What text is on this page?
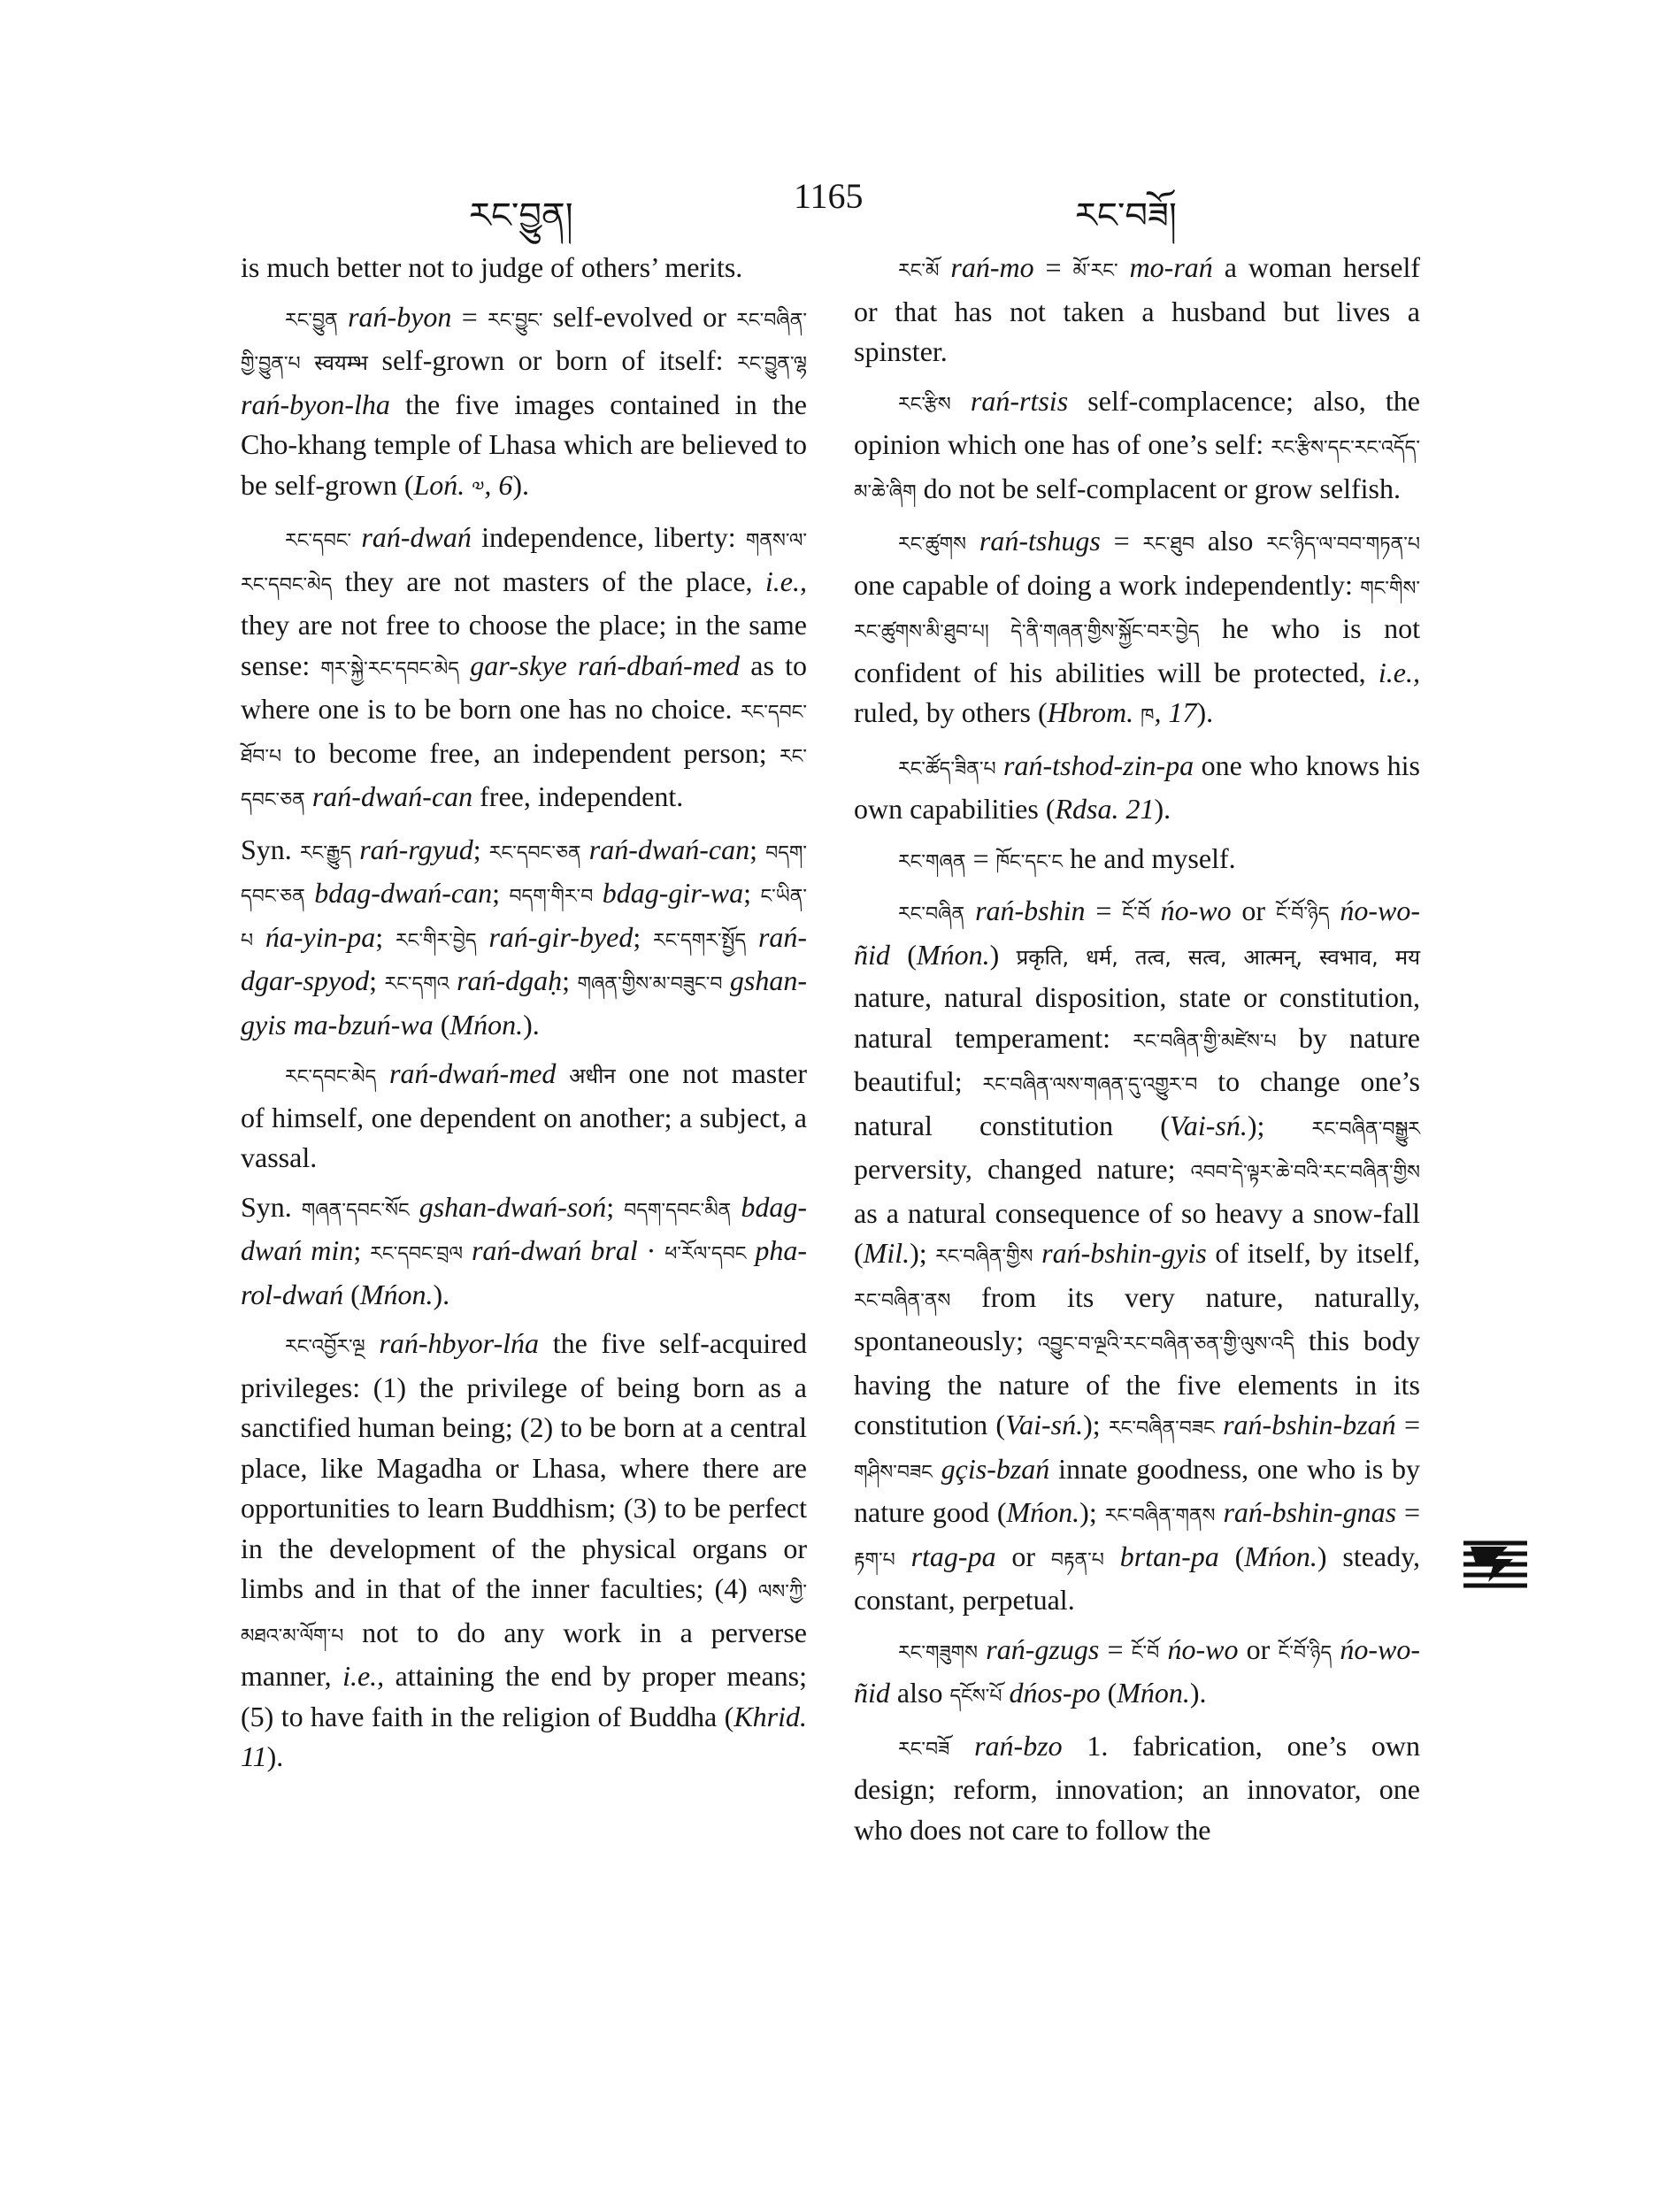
རང་བྱུན།	1165	རང་བཟོ།

is much better not to judge of others’ merits.

རང་བྱུན rań-byon = རང་བྱུང་ self-evolved or རང་བཞིན་གྱི་བྱུན་པ स्वयम्भ self-grown or born of itself: རང་བྱུན་ལྷ rań-byon-lha the five images contained in the Cho-khang temple of Lhasa which are believed to be self-grown (Loń. ༧, 6).

རང་དབང་ rań-dwań independence, liberty: གནས་ལ་རང་དབང་མེད they are not masters of the place, i.e., they are not free to choose the place; in the same sense: གར་སྐྱེ་རང་དབང་མེད gar-skye rań-dbań-med as to where one is to be born one has no choice. རང་དབང་ཐོབ་པ to become free, an independent person; རང་དབང་ཅན rań-dwań-can free, independent.

Syn. རང་རྒྱུད rań-rgyud; རང་དབང་ཅན rań-dwań-can; བདག་དབང་ཅན bdag-dwań-can; བདག་གིར་བ bdag-gir-wa; ང་ཡིན་པ ńa-yin-pa; རང་གིར་བྱེད rań-gir-byed; རང་དགར་སྤྱོད rań-dgar-spyod; རང་དགའ rań-dgaḥ; གཞན་གྱིས་མ་བཟུང་བ gshan-gyis ma-bzuń-wa (Mńon.).

རང་དབང་མེད rań-dwań-med अधीन one not master of himself, one dependent on another; a subject, a vassal.

Syn. གཞན་དབང་སོང gshan-dwań-soń; བདག་དབང་མིན bdag-dwań min; རང་དབང་བྲལ rań-dwań bral · ཕ་རོལ་དབང pha-rol-dwań (Mńon.).

རང་འབྱོར་ལྔ rań-hbyor-lńa the five self-acquired privileges: (1) the privilege of being born as a sanctified human being; (2) to be born at a central place, like Magadha or Lhasa, where there are opportunities to learn Buddhism; (3) to be perfect in the development of the physical organs or limbs and in that of the inner faculties; (4) ལས་ཀྱི་མཐའ་མ་ལོག་པ not to do any work in a perverse manner, i.e., attaining the end by proper means; (5) to have faith in the religion of Buddha (Khrid. 11).

རང་མོ rań-mo = མོ་རང་ mo-rań a woman herself or that has not taken a husband but lives a spinster.

རང་རྩིས rań-rtsis self-complacence; also, the opinion which one has of one’s self: རང་རྩིས་དང་རང་འདོད་མ་ཆེ་ཞིག do not be self-complacent or grow selfish.

རང་ཚུགས rań-tshugs = རང་ཐུབ also རང་ཉིད་ལ་བབ་གཏན་པ one capable of doing a work independently: གང་གིས་རང་ཚུགས་མི་ཐུབ་པ། དེ་ནི་གཞན་གྱིས་སྐྱོང་བར་བྱེད he who is not confident of his abilities will be protected, i.e., ruled, by others (Hbrom. ཁ, 17).

རང་ཚོད་ཟིན་པ rań-tshod-zin-pa one who knows his own capabilities (Rdsa. 21).

རང་གཞན = ཁོང་དང་ང he and myself.

རང་བཞིན rań-bshin = ངོ་བོ ńo-wo or ངོ་བོ་ཉིད ńo-wo-ñid (Mńon.) प्रकृति, धर्म, तत्व, सत्व, आत्मन्, स्वभाव, मय nature, natural disposition, state or constitution, natural temperament: རང་བཞིན་གྱི་མཛེས་པ by nature beautiful; རང་བཞིན་ལས་གཞན་དུ་འགྱུར་བ to change one’s natural constitution (Vai-sń.); རང་བཞིན་བསྒྱུར perversity, changed nature; འབབ་དེ་ལྟར་ཆེ་བའི་རང་བཞིན་གྱིས as a natural consequence of so heavy a snow-fall (Mil.); རང་བཞིན་གྱིས rań-bshin-gyis of itself, by itself, རང་བཞིན་ནས from its very nature, naturally, spontaneously; འབྱུང་བ་ལྔའི་རང་བཞིན་ཅན་གྱི་ལུས་འདི this body having the nature of the five elements in its constitution (Vai-sń.); རང་བཞིན་བཟང rań-bshin-bzań = གཤིས་བཟང gçis-bzań innate goodness, one who is by nature good (Mńon.); རང་བཞིན་གནས rań-bshin-gnas = རྟག་པ rtag-pa or བརྟན་པ brtan-pa (Mńon.) steady, constant, perpetual.

རང་གཟུགས rań-gzugs = ངོ་བོ ńo-wo or ངོ་བོ་ཉིད ńo-wo-ñid also དངོས་པོ dńos-po (Mńon.).

རང་བཟོ rań-bzo 1. fabrication, one’s own design; reform, innovation; an innovator, one who does not care to follow the
